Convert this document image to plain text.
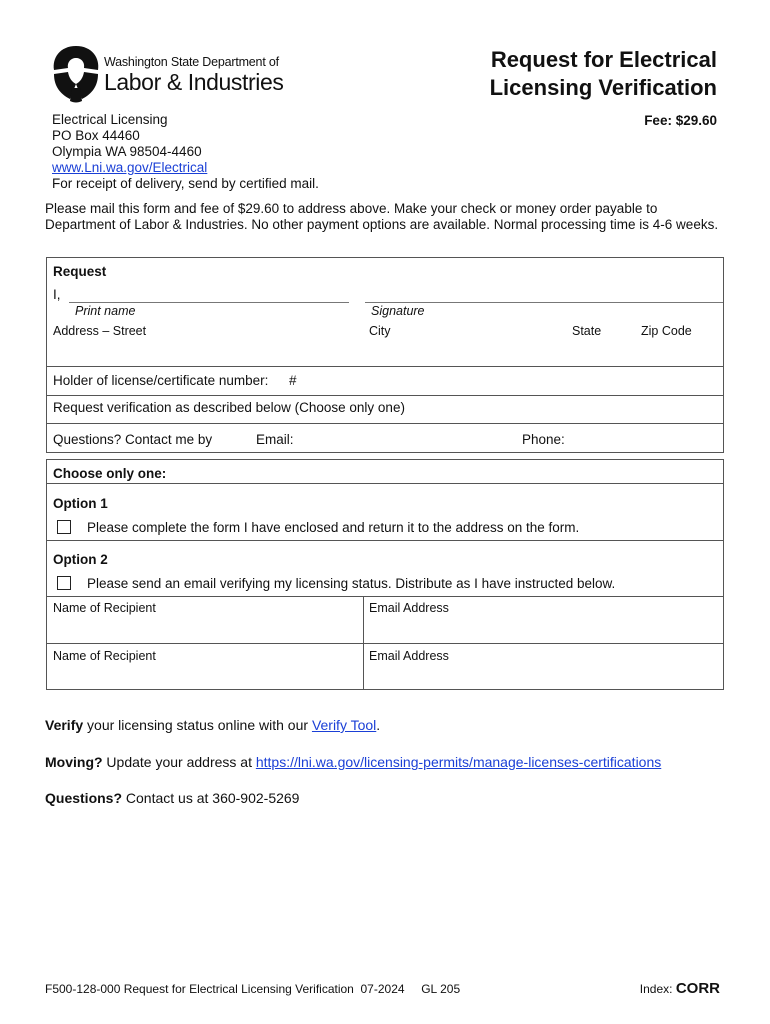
Washington State Department of
Labor & Industries
Request for Electrical
Licensing Verification
Fee: $29.60
Electrical Licensing
PO Box 44460
Olympia WA 98504-4460
www.Lni.wa.gov/Electrical
For receipt of delivery, send by certified mail.
Please mail this form and fee of $29.60 to address above. Make your check or money order payable to Department of Labor & Industries. No other payment options are available. Normal processing time is 4-6 weeks.
Request
I,
Print name	Signature
Address – Street	City	State	Zip Code
Holder of license/certificate number: #
Request verification as described below (Choose only one)
Questions? Contact me by	Email:	Phone:
Choose only one:
Option 1
Please complete the form I have enclosed and return it to the address on the form.
Option 2
Please send an email verifying my licensing status. Distribute as I have instructed below.
Name of Recipient	Email Address
Name of Recipient	Email Address
Verify your licensing status online with our Verify Tool.
Moving? Update your address at https://lni.wa.gov/licensing-permits/manage-licenses-certifications
Questions? Contact us at 360-902-5269
F500-128-000 Request for Electrical Licensing Verification  07-2024     GL 205	Index: CORR
